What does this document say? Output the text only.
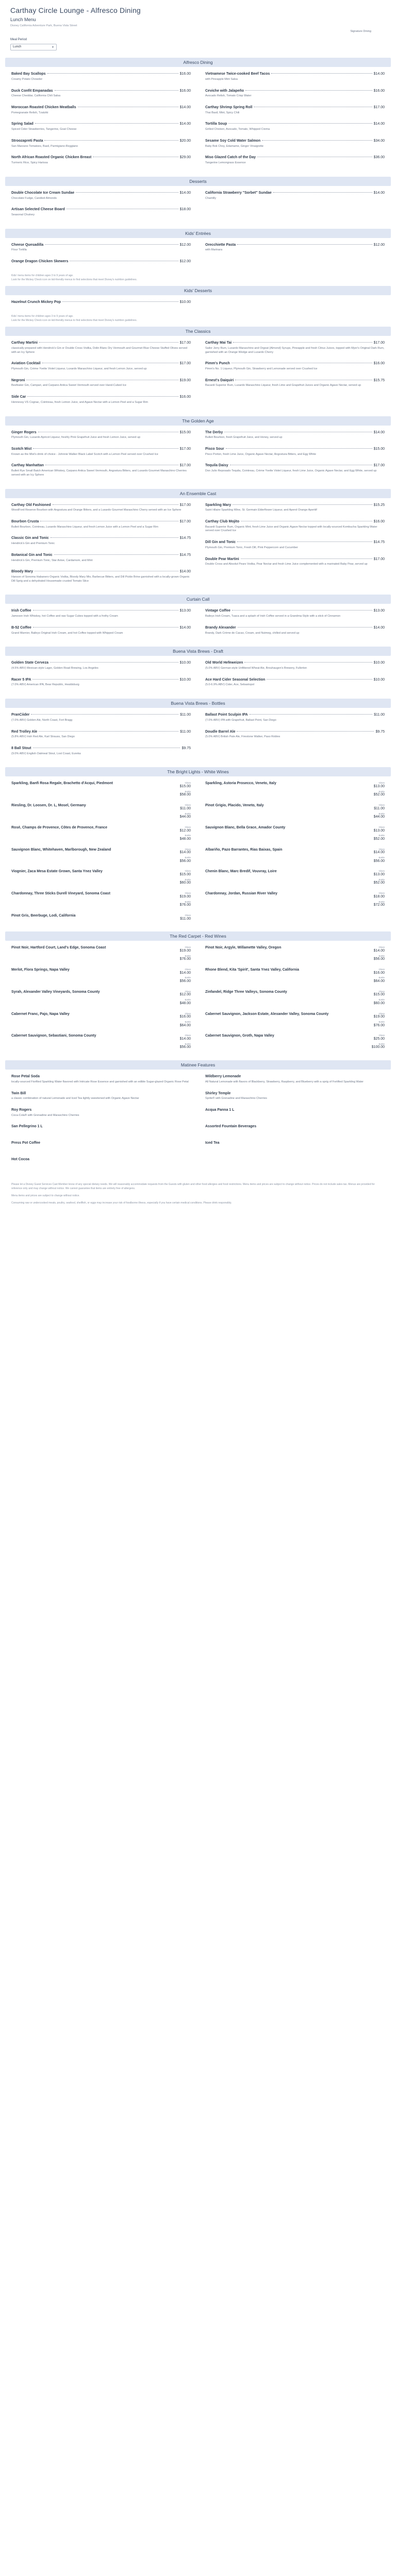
Carthay Circle Lounge - Alfresco Dining
Lunch Menu
Disney California Adventure Park, Buena Vista Street
Signature Dining
Meal Period
Lunch	▼
Alfresco Dining
Baked Bay Scallops	$16.00
Creamy Potato Chowder
Duck Confit Empanadas	$16.00
Cheese Cheddar, California Chili Salsa
Moroccan Roasted Chicken Meatballs	$14.00
Pomegranate Relish, Tzatziki
Spring Salad	$14.00
Spiced Cider Strawberries, Tangerine, Goat Cheese
Stroozapreti Pasta	$20.00
San Marzano Tomatoes, Basil, Parmigiano-Reggiano
North African Roasted Organic Chicken Breast	$29.00
Turmeric Rice, Spicy Harissa
Vietnamese Twice-cooked Beef Tacos	$14.00
with Pineapple Mint Salsa
Ceviche with Jalapeño	$16.00
Avocado Relish, Tomato Crisp Water
Carthay Shrimp Spring Roll	$17.00
Thai Basil, Mint, Spicy Chili
Tortilla Soup	$14.00
Grilled Chicken, Avocado, Tomato, Whipped Crema
Sesame Soy Cold Water Salmon	$34.00
Baby Bok Choy, Edamame, Ginger Vinaigrette
Miso Glazed Catch of the Day	$36.00
Tangerine Lemongrass Essence
Desserts
Double Chocolate Ice Cream Sundae	$14.00
Chocolate Fudge, Candied Almonds
Artisan Selected Cheese Board	$18.00
Seasonal Chutney
California Strawberry "Sorbet" Sundae	$14.00
Chantilly
Kids' Entrées
Cheese Quesadilla	$12.00
Flour Tortilla
Orange Dragon Chicken Skewers	$12.00
Orecchiette Pasta	$12.00
with Marinara
Kids' menu items for children ages 3 to 9 years of age.
Look for the Mickey Check icon on kid-friendly menus to find selections that meet Disney's nutrition guidelines.
Kids' Desserts
Hazelnut Crunch Mickey Pop	$10.00
Kids' menu items for children ages 3 to 9 years of age.
Look for the Mickey Check icon on kid-friendly menus to find selections that meet Disney's nutrition guidelines.
The Classics
Carthay Martini	$17.00
classically prepared with Hendrick's Gin or Double Cross Vodka, Dolin Blanc Dry Vermouth and Gourmet Blue Cheese Stuffed Olives served with an Icy Sphere
Aviation Cocktail	$17.00
Plymouth Gin, Crème Yvette Violet Liqueur, Luxardo Maraschino Liqueur, and fresh Lemon Juice, served up
Negroni	$19.00
Beefeater Gin, Campari, and Carpano Antica Sweet Vermouth served over Hand-Cubed Ice
Side Car	$16.00
Hennessy VS Cognac, Cointreau, fresh Lemon Juice, and Agave Nectar with a Lemon Peel and a Sugar Rim
Carthay Mai Tai	$17.00
Sailor Jerry Rum, Luxardo Maraschino and Orgeat (Almond) Syrups, Pineapple and fresh Citrus Juices, topped with Myer's Original Dark Rum, garnished with an Orange Wedge and Luxardo Cherry
Pimm's Punch	$16.00
Pimm's No. 1 Liqueur, Plymouth Gin, Strawberry and Lemonade served over Crushed Ice
Ernest's Daiquiri	$15.75
Bacardi Superior Rum, Luxardo Maraschino Liqueur, fresh Lime and Grapefruit Juices and Organic Agave Nectar, served up
The Golden Age
Ginger Rogers	$15.00
Plymouth Gin, Luxardo Apricot Liqueur, freshly Pink Grapefruit Juice and fresh Lemon Juice, served up
Scotch Mist	$17.00
Known as the Mist's drink of choice - Johnnie Walker Black Label Scotch with a Lemon Peel served over Crushed Ice
Carthay Manhattan	$17.00
Bulleit Rye Small Batch American Whiskey, Carpano Antica Sweet Vermouth, Angostura Bitters, and Luxardo Gourmet Maraschino Cherries served with an Icy Sphere
The Derby	$14.00
Bulleit Bourbon, fresh Grapefruit Juice, and Honey, served up
Pisco Sour	$15.00
Pisco Porton, fresh Lime Juice, Organic Agave Nectar, Angostura Bitters, and Egg White
Tequila Daisy	$17.00
Don Julio Reposado Tequila, Cointreau, Crème Yvette Violet Liqueur, fresh Lime Juice, Organic Agave Nectar, and Egg White, served up
An Ensemble Cast
Carthay Old Fashioned	$17.00
WoodFord Reserve Bourbon with Angostura and Orange Bitters, and a Luxardo Gourmet Maraschino Cherry served with an Ice Sphere
Bourbon Crusta	$17.00
Bulleit Bourbon, Cointreau, Luxardo Maraschino Liqueur, and fresh Lemon Juice with a Lemon Peel and a Sugar Rim
Classic Gin and Tonic	$14.75
Hendrick's Gin and Premium Tonic
Botanical Gin and Tonic	$14.75
Hendrick's Gin, Premium Tonic, Star Anise, Cardamom, and Mint
Bloody Mary	$14.00
Hanson of Sonoma Habanero Organic Vodka, Bloody Mary Mix, Barbecue Bitters, and Dill Pickle Brine garnished with a locally-grown Organic Dill Sprig and a dehydrated Housemade crusted Tomato Slice
Sparkling Mary	$15.25
Saint Hilaire Sparkling Wine, St. Germain Elderflower Liqueur, and Aperol Orange Aperitif
Carthay Club Mojito	$16.00
Bacardi Superior Rum, Organic Mint, fresh Lime Juice and Organic Agave Nectar topped with locally-sourced Kombucha Sparkling Water served over Crushed Ice
Dill Gin and Tonic	$14.75
Plymouth Gin, Premium Tonic, Fresh Dill, Pink Peppercorn and Cucumber
Double Pear Martini	$17.00
Double Cross and Absolut Pears Vodka, Pear Nectar and fresh Lime Juice complemented with a marinated Baby Pear, served up
Curtain Call
Irish Coffee	$13.00
Jameson Irish Whiskey, hot Coffee and raw Sugar Cubes topped with a frothy Cream
B-52 Coffee	$14.00
Grand Marnier, Baileys Original Irish Cream, and hot Coffee topped with Whipped Cream
Vintage Coffee	$13.00
Baileys Irish Cream, Tuaca and a splash of Irish Coffee served in a Grandma-Style with a stick of Cinnamon
Brandy Alexander	$14.00
Brandy, Dark Crème de Cacao, Cream, and Nutmeg, chilled and served up
Buena Vista Brews - Draft
Golden State Cerveza	$10.00
(4.5% ABV) Mexican-style Lager, Golden Road Brewing, Los Angeles
Racer 5 IPA	$10.00
(7.0% ABV) American IPA, Bear Republic, Healdsburg
Old World Hefeweizen	$10.00
(5.0% ABV) German-style Unfiltered Wheat Ale, Brouhaugen's Brewery, Fullerton
Ace Hard Cider Seasonal Selection	$10.00
(5.0-6.9% ABV) Cider, Ace, Sebastopol
Buena Vista Brews - Bottles
PranCiider	$11.00
(7.0% ABV) Golden Ale, North Coast, Fort Bragg
Red Trolley Ale	$11.00
(5.8% ABV) Irish Red Ale, Karl Strauss, San Diego
8 Ball Stout	$9.75
(9.0% ABV) English Oatmeal Stout, Lost Coast, Eureka
Ballast Point Sculpin IPA	$11.00
(7.0% ABV) IPA with Grapefruit, Ballast Point, San Diego
Doudle Barrel Ale	$9.75
(5.0% ABV) British Pale Ale, Firestone Walker, Paso Robles
The Bright Lights - White Wines
Sparkling, Banfi Rosa Regale, Brachetto d'Acqui, Piedmont	Glass
$15.00
Bottle
$58.00
Riesling, Dr. Loosen, Dr. L, Mosel, Germany	Glass
$11.00
Bottle
$44.00
Rosé, Champs de Provence, Côtes de Provence, France	Glass
$12.00
Bottle
$48.00
Sauvignon Blanc, Whitehaven, Marlborough, New Zealand	Glass
$14.00
Bottle
$56.00
Viognier, Zaca Mesa Estate Grown, Santa Ynez Valley	Glass
$15.00
Bottle
$60.00
Chardonnay, Three Sticks Durell Vineyard, Sonoma Coast	Glass
$19.00
Bottle
$76.00
Pinot Gris, Beerbuge, Lodi, California	Glass
$11.00
Sparkling, Astoria Prosecco, Veneto, Italy	Glass
$13.00
Bottle
$52.00
Pinot Grigio, Placido, Veneto, Italy	Glass
$11.00
Bottle
$44.00
Sauvignon Blanc, Bella Grace, Amador County	Glass
$13.00
Bottle
$52.00
Albariño, Pazo Barrantes, Rias Baixas, Spain	Glass
$14.00
Bottle
$56.00
Chenin Blanc, Marc Bredif, Vouvray, Loire	Glass
$13.00
Bottle
$52.00
Chardonnay, Jordan, Russian River Valley	Glass
$18.00
Bottle
$72.00
The Red Carpet - Red Wines
Pinot Noir, Hartford Court, Land's Edge, Sonoma Coast	Glass
$19.00
Bottle
$76.00
Merlot, Flora Springs, Napa Valley	Glass
$14.00
Bottle
$56.00
Syrah, Alexander Valley Vineyards, Sonoma County	Glass
$12.00
Bottle
$48.00
Cabernet Franc, Pajo, Napa Valley	Glass
$16.00
Bottle
$64.00
Cabernet Sauvignon, Sebastiani, Sonoma County	Glass
$14.00
Bottle
$56.00
Pinot Noir, Argyle, Willamette Valley, Oregon	Glass
$14.00
Bottle
$56.00
Rhone Blend, Kita 'Spirit', Santa Ynez Valley, California	Glass
$16.00
Bottle
$64.00
Zinfandel, Ridge Three Valleys, Sonoma County	Glass
$15.00
Bottle
$60.00
Cabernet Sauvignon, Jackson Estate, Alexander Valley, Sonoma County	Glass
$19.00
Bottle
$76.00
Cabernet Sauvignon, Groth, Napa Valley	Glass
$25.00
Bottle
$100.00
Matinee Features
Rose Petal Soda
locally-sourced Fiorfiled Sparkling Water flavored with Intricate Rose Essence and garnished with an edible Sugar-glazed Organic Rose Petal
Twin Bill
a classic combination of natural Lemonade and Iced Tea lightly sweetened with Organic Agave Nectar
Roy Rogers
Coca-Cola® with Grenadine and Maraschino Cherries
San Pellegrino 1 L
Press Pot Coffee
Hot Cocoa
Wildberry Lemonade
All Natural Lemonade with flavors of Blackberry, Strawberry, Raspberry, and Blueberry with a sprig of Fortified Sparkling Water
Shirley Temple
Sprite® with Grenadine and Maraschino Cherries
Acqua Panna 1 L
Assorted Fountain Beverages
Iced Tea

Please let a Disney Guest Services Cast Member know of any special dietary needs. We will reasonably accommodate requests from the Guests with gluten and other food allergies and food restrictions. Menu items and prices are subject to change without notice. Prices do not include sales tax. Menus are provided for reference only and may change without notice. We cannot guarantee that items are entirely free of allergens.

Menu items and prices are subject to change without notice.

Consuming raw or undercooked meats, poultry, seafood, shellfish, or eggs may increase your risk of foodborne illness, especially if you have certain medical conditions. Please drink responsibly.
